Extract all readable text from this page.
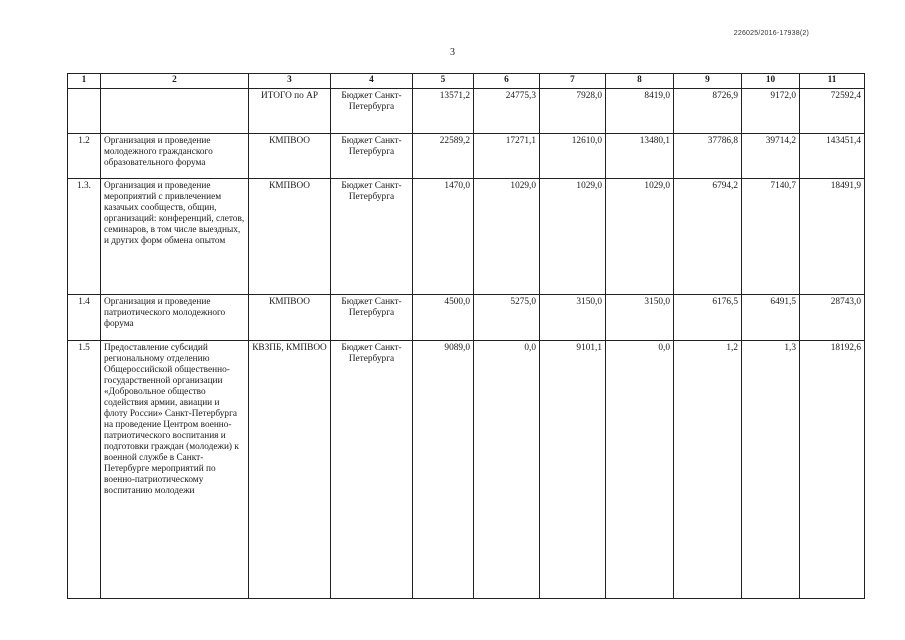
226025/2016-17938(2)
3
1	2	3	4	5	6	7	8	9	10	11
		ИТОГО по АР	Бюджет Санкт-Петербурга	13571,2	24775,3	7928,0	8419,0	8726,9	9172,0	72592,4
1.2	Организация и проведение молодежного гражданского образовательного форума	КМПВОО	Бюджет Санкт-Петербурга	22589,2	17271,1	12610,0	13480,1	37786,8	39714,2	143451,4
1.3.	Организация и проведение мероприятий с привлечением казачьих сообществ, общин, организаций: конференций, слетов, семинаров, в том числе выездных, и других форм обмена опытом	КМПВОО	Бюджет Санкт-Петербурга	1470,0	1029,0	1029,0	1029,0	6794,2	7140,7	18491,9
1.4	Организация и проведение патриотического молодежного форума	КМПВОО	Бюджет Санкт-Петербурга	4500,0	5275,0	3150,0	3150,0	6176,5	6491,5	28743,0
1.5	Предоставление субсидий региональному отделению Общероссийской общественно-государственной организации «Добровольное общество содействия армии, авиации и флоту России» Санкт-Петербурга на проведение Центром военно-патриотического воспитания и подготовки граждан (молодежи) к военной службе в Санкт-Петербурге мероприятий по военно-патриотическому воспитанию молодежи	КВЗПБ, КМПВОО	Бюджет Санкт-Петербурга	9089,0	0,0	9101,1	0,0	1,2	1,3	18192,6
